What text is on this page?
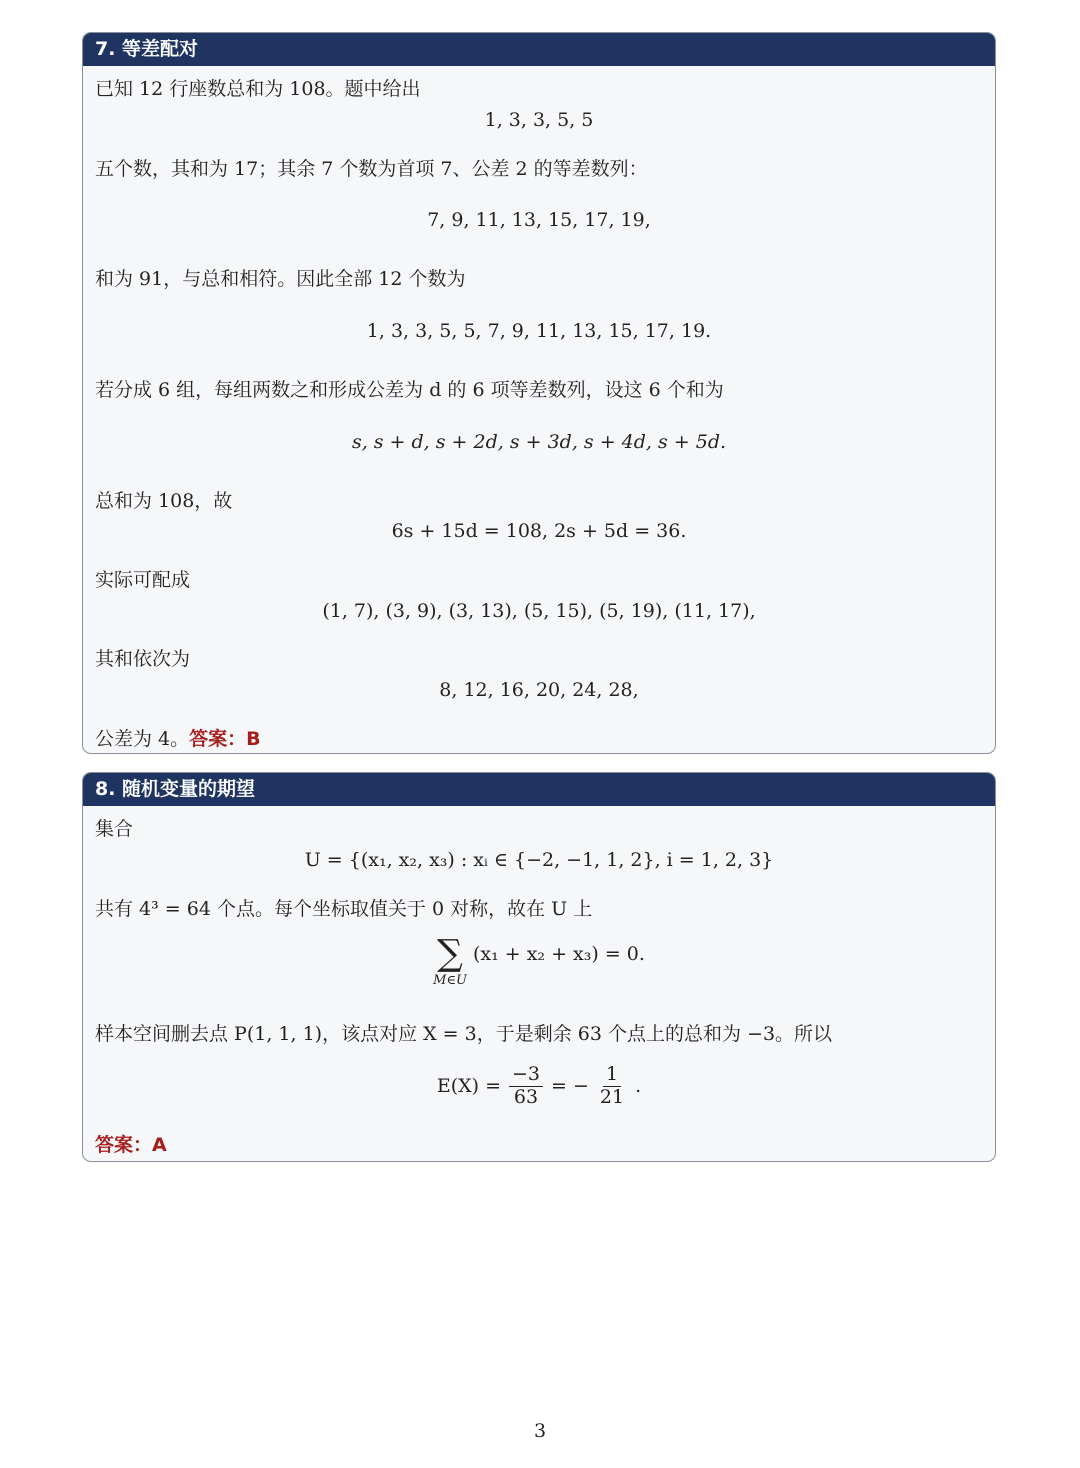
7. 等差配对
已知 12 行座数总和为 108。题中给出
1, 3, 3, 5, 5
五个数，其和为 17；其余 7 个数为首项 7、公差 2 的等差数列：
7, 9, 11, 13, 15, 17, 19,
和为 91，与总和相符。因此全部 12 个数为
1, 3, 3, 5, 5, 7, 9, 11, 13, 15, 17, 19.
若分成 6 组，每组两数之和形成公差为 d 的 6 项等差数列，设这 6 个和为
s, s + d, s + 2d, s + 3d, s + 4d, s + 5d.
总和为 108，故
6s + 15d = 108, 2s + 5d = 36.
实际可配成
(1, 7), (3, 9), (3, 13), (5, 15), (5, 19), (11, 17),
其和依次为
8, 12, 16, 20, 24, 28,
公差为 4。答案：B
8. 随机变量的期望
集合
U = {(x₁, x₂, x₃) : xᵢ ∈ {−2, −1, 1, 2}, i = 1, 2, 3}
共有 4³ = 64 个点。每个坐标取值关于 0 对称，故在 U 上
∑
M∈U
(x₁ + x₂ + x₃) = 0.
样本空间删去点 P(1, 1, 1)，该点对应 X = 3，于是剩余 63 个点上的总和为 −3。所以
$E(X) = \frac{-3}{63}$ = − $\frac{1}{21}$ .
答案：A
3
